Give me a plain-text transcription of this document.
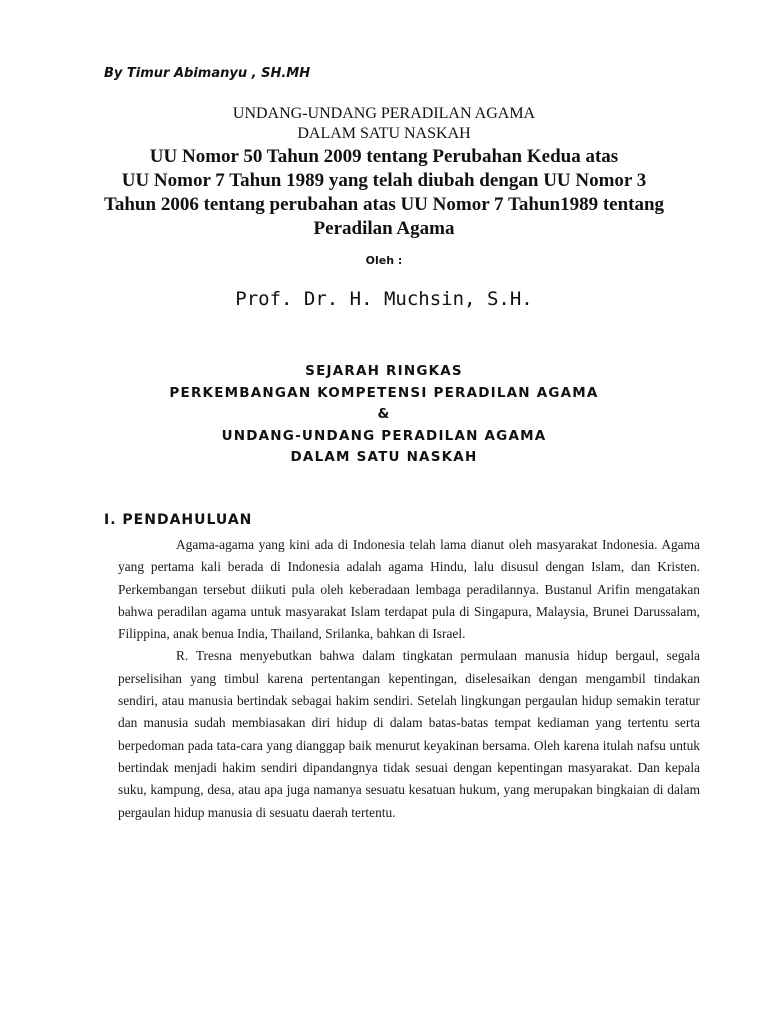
By Timur Abimanyu , SH.MH
UNDANG-UNDANG PERADILAN AGAMA
DALAM SATU NASKAH
UU Nomor 50 Tahun 2009 tentang Perubahan Kedua atas
UU Nomor 7 Tahun 1989 yang telah diubah dengan UU Nomor 3
Tahun 2006 tentang perubahan atas UU Nomor 7 Tahun1989 tentang
Peradilan Agama
Oleh :
Prof. Dr. H. Muchsin, S.H.
SEJARAH RINGKAS
PERKEMBANGAN KOMPETENSI PERADILAN AGAMA
&
UNDANG-UNDANG PERADILAN AGAMA
DALAM SATU NASKAH
I. PENDAHULUAN

Agama-agama yang kini ada di Indonesia telah lama dianut oleh masyarakat Indonesia. Agama yang pertama kali berada di Indonesia adalah agama Hindu, lalu disusul dengan Islam, dan Kristen. Perkembangan tersebut diikuti pula oleh keberadaan lembaga peradilannya. Bustanul Arifin mengatakan bahwa peradilan agama untuk masyarakat Islam terdapat pula di Singapura, Malaysia, Brunei Darussalam, Filippina, anak benua India, Thailand, Srilanka, bahkan di Israel.

R. Tresna menyebutkan bahwa dalam tingkatan permulaan manusia hidup bergaul, segala perselisihan yang timbul karena pertentangan kepentingan, diselesaikan dengan mengambil tindakan sendiri, atau manusia bertindak sebagai hakim sendiri. Setelah lingkungan pergaulan hidup semakin teratur dan manusia sudah membiasakan diri hidup di dalam batas-batas tempat kediaman yang tertentu serta berpedoman pada tata-cara yang dianggap baik menurut keyakinan bersama. Oleh karena itulah nafsu untuk bertindak menjadi hakim sendiri dipandangnya tidak sesuai dengan kepentingan masyarakat. Dan kepala suku, kampung, desa, atau apa juga namanya sesuatu kesatuan hukum, yang merupakan bingkaian di dalam pergaulan hidup manusia di sesuatu daerah tertentu.
